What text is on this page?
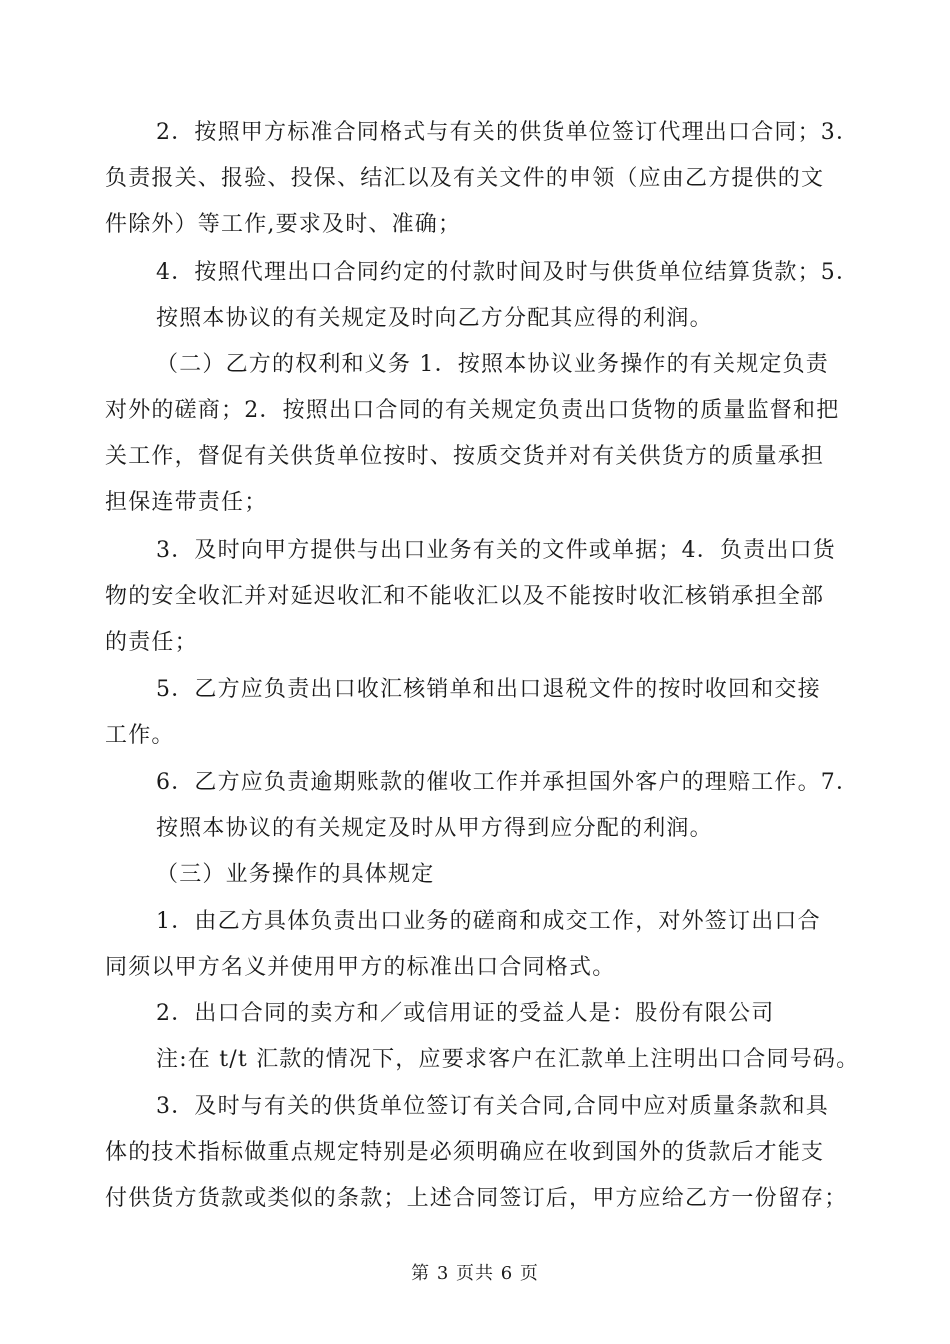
2．按照甲方标准合同格式与有关的供货单位签订代理出口合同；3．
负责报关、报验、投保、结汇以及有关文件的申领（应由乙方提供的文
件除外）等工作,要求及时、准确；
4．按照代理出口合同约定的付款时间及时与供货单位结算货款；5．
按照本协议的有关规定及时向乙方分配其应得的利润。
（二）乙方的权利和义务 1．按照本协议业务操作的有关规定负责
对外的磋商；2．按照出口合同的有关规定负责出口货物的质量监督和把
关工作，督促有关供货单位按时、按质交货并对有关供货方的质量承担
担保连带责任；
3．及时向甲方提供与出口业务有关的文件或单据；4．负责出口货
物的安全收汇并对延迟收汇和不能收汇以及不能按时收汇核销承担全部
的责任；
5．乙方应负责出口收汇核销单和出口退税文件的按时收回和交接
工作。
6．乙方应负责逾期账款的催收工作并承担国外客户的理赔工作。7．
按照本协议的有关规定及时从甲方得到应分配的利润。
（三）业务操作的具体规定
1．由乙方具体负责出口业务的磋商和成交工作，对外签订出口合
同须以甲方名义并使用甲方的标准出口合同格式。
2．出口合同的卖方和／或信用证的受益人是：股份有限公司
注:在 t/t 汇款的情况下，应要求客户在汇款单上注明出口合同号码。
3．及时与有关的供货单位签订有关合同,合同中应对质量条款和具
体的技术指标做重点规定特别是必须明确应在收到国外的货款后才能支
付供货方货款或类似的条款；上述合同签订后，甲方应给乙方一份留存；
第 3 页共 6 页
